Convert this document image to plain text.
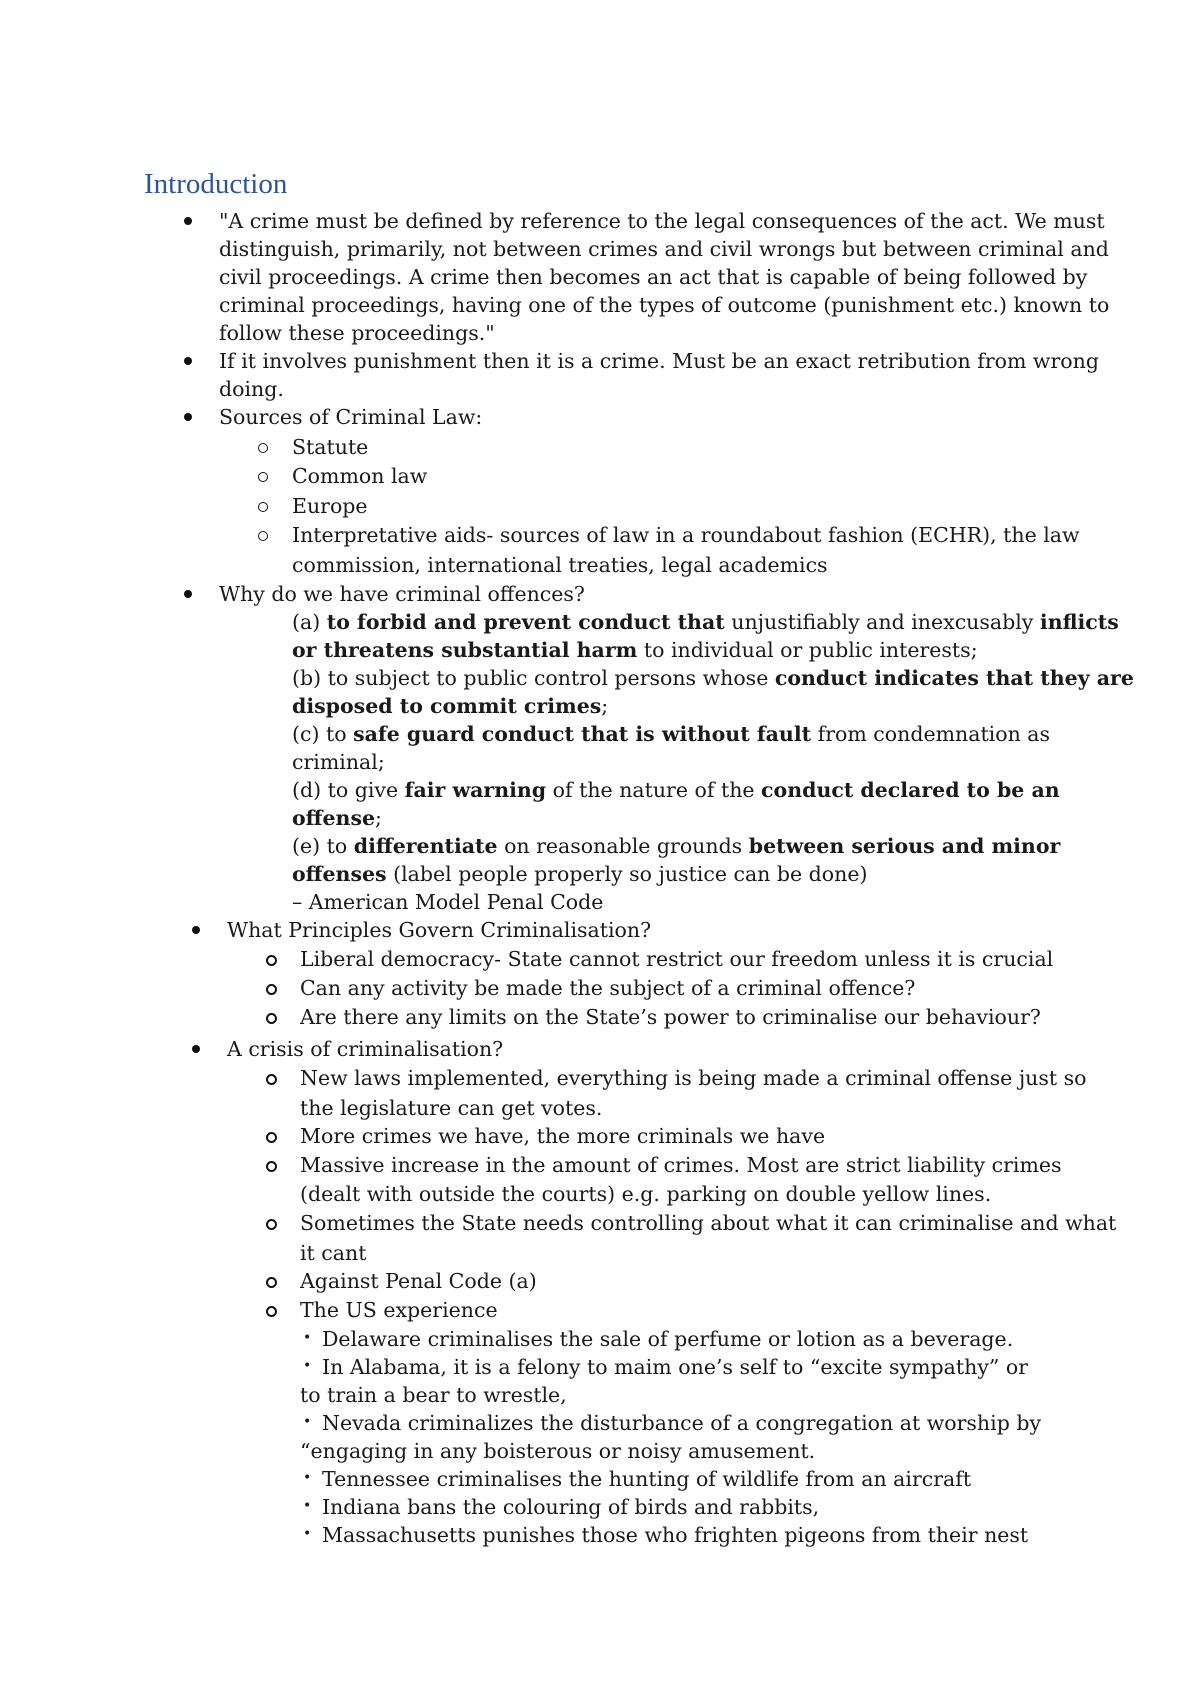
Introduction
"A crime must be defined by reference to the legal consequences of the act. We must
distinguish, primarily, not between crimes and civil wrongs but between criminal and
civil proceedings. A crime then becomes an act that is capable of being followed by
criminal proceedings, having one of the types of outcome (punishment etc.) known to
follow these proceedings."
If it involves punishment then it is a crime. Must be an exact retribution from wrong
doing.
Sources of Criminal Law:
Statute
Common law
Europe
Interpretative aids- sources of law in a roundabout fashion (ECHR), the law
commission, international treaties, legal academics
Why do we have criminal offences?
(a) to forbid and prevent conduct that unjustifiably and inexcusably inflicts
or threatens substantial harm to individual or public interests;
(b) to subject to public control persons whose conduct indicates that they are
disposed to commit crimes;
(c) to safe guard conduct that is without fault from condemnation as
criminal;
(d) to give fair warning of the nature of the conduct declared to be an
offense;
(e) to differentiate on reasonable grounds between serious and minor
offenses (label people properly so justice can be done)
– American Model Penal Code
What Principles Govern Criminalisation?
Liberal democracy- State cannot restrict our freedom unless it is crucial
Can any activity be made the subject of a criminal offence?
Are there any limits on the State’s power to criminalise our behaviour?
A crisis of criminalisation?
New laws implemented, everything is being made a criminal offense just so
the legislature can get votes.
More crimes we have, the more criminals we have
Massive increase in the amount of crimes. Most are strict liability crimes
(dealt with outside the courts) e.g. parking on double yellow lines.
Sometimes the State needs controlling about what it can criminalise and what
it cant
Against Penal Code (a)
The US experience
• Delaware criminalises the sale of perfume or lotion as a beverage.
• In Alabama, it is a felony to maim one’s self to “excite sympathy” or
to train a bear to wrestle,
• Nevada criminalizes the disturbance of a congregation at worship by
“engaging in any boisterous or noisy amusement.
• Tennessee criminalises the hunting of wildlife from an aircraft
• Indiana bans the colouring of birds and rabbits,
• Massachusetts punishes those who frighten pigeons from their nest
